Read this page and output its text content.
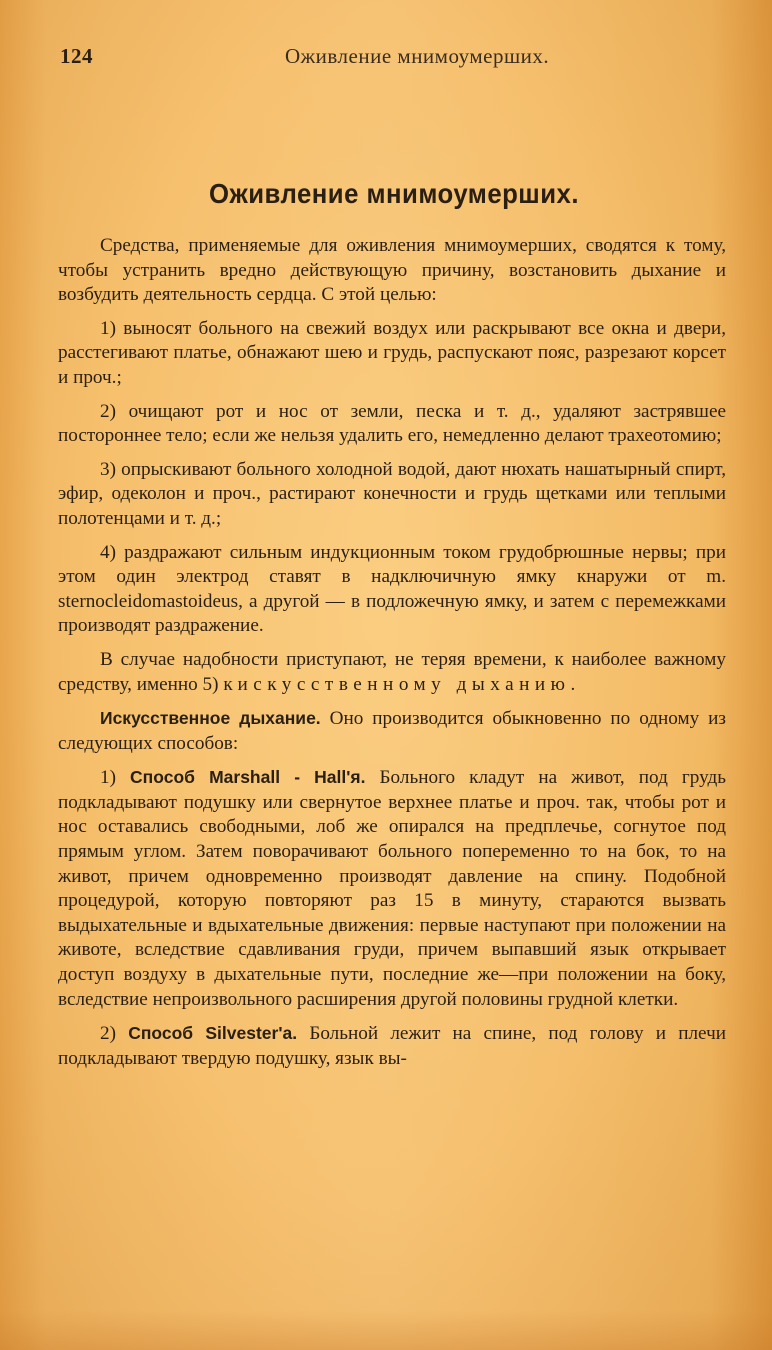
124	Оживление мнимоумерших.
Оживление мнимоумерших.

Средства, применяемые для оживления мнимоумерших, сводятся к тому, чтобы устранить вредно действующую причину, возстановить дыхание и возбудить деятельность сердца. С этой целью:

1) выносят больного на свежий воздух или раскрывают все окна и двери, расстегивают платье, обнажают шею и грудь, распускают пояс, разрезают корсет и проч.;

2) очищают рот и нос от земли, песка и т. д., удаляют застрявшее постороннее тело; если же нельзя удалить его, немедленно делают трахеотомию;

3) опрыскивают больного холодной водой, дают нюхать нашатырный спирт, эфир, одеколон и проч., растирают конечности и грудь щетками или теплыми полотенцами и т. д.;

4) раздражают сильным индукционным током грудобрюшные нервы; при этом один электрод ставят в надключичную ямку кнаружи от m. sternocleidomastoideus, а другой — в подложечную ямку, и затем с перемежками производят раздражение.

В случае надобности приступают, не теряя времени, к наиболее важному средству, именно 5) к искусственному дыханию.

Искусственное дыхание. Оно производится обыкновенно по одному из следующих способов:

1) Способ Marshall - Hall'я. Больного кладут на живот, под грудь подкладывают подушку или свернутое верхнее платье и проч. так, чтобы рот и нос оставались свободными, лоб же опирался на предплечье, согнутое под прямым углом. Затем поворачивают больного попеременно то на бок, то на живот, причем одновременно производят давление на спину. Подобной процедурой, которую повторяют раз 15 в минуту, стараются вызвать выдыхательные и вдыхательные движения: первые наступают при положении на животе, вследствие сдавливания груди, причем выпавший язык открывает доступ воздуху в дыхательные пути, последние же—при положении на боку, вследствие непроизвольного расширения другой половины грудной клетки.

2) Способ Silvester'a. Больной лежит на спине, под голову и плечи подкладывают твердую подушку, язык вы-
